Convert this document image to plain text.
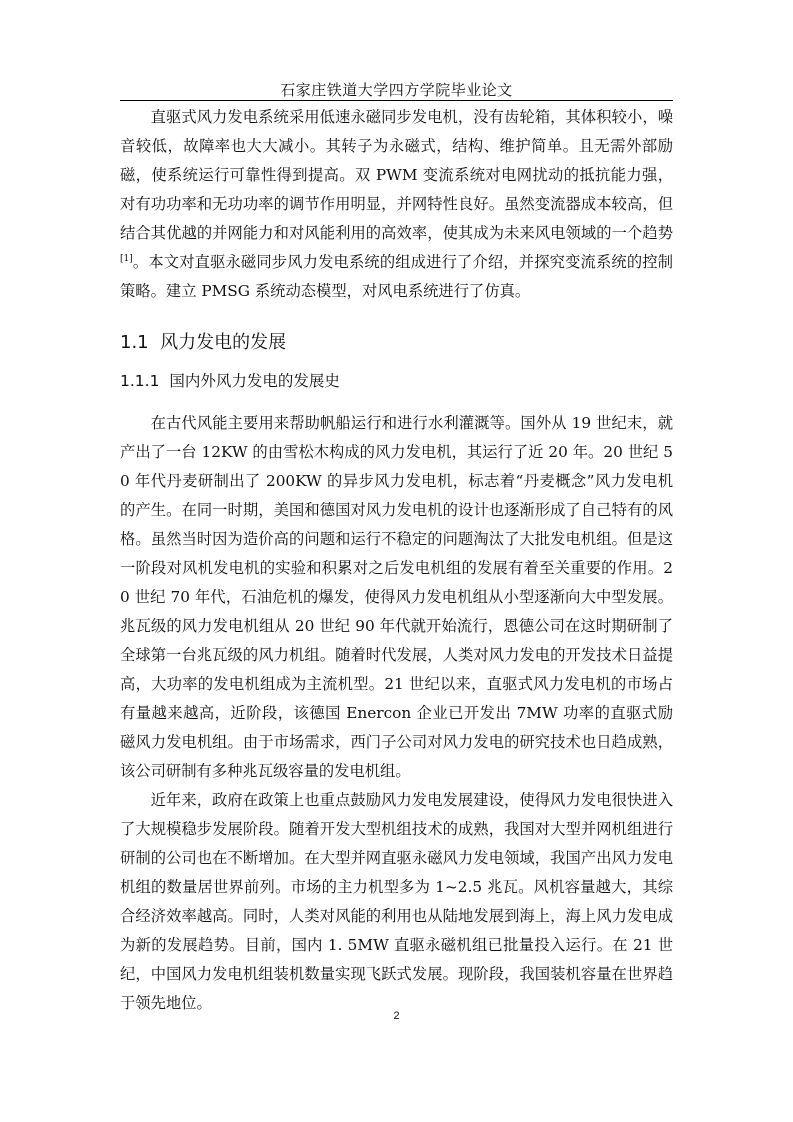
石家庄铁道大学四方学院毕业论文

直驱式风力发电系统采用低速永磁同步发电机，没有齿轮箱，其体积较小，噪音较低，故障率也大大减小。其转子为永磁式，结构、维护简单。且无需外部励磁，使系统运行可靠性得到提高。双 PWM 变流系统对电网扰动的抵抗能力强，对有功功率和无功功率的调节作用明显，并网特性良好。虽然变流器成本较高，但结合其优越的并网能力和对风能利用的高效率，使其成为未来风电领域的一个趋势[1]。本文对直驱永磁同步风力发电系统的组成进行了介绍，并探究变流系统的控制策略。建立 PMSG 系统动态模型，对风电系统进行了仿真。

1.1 风力发电的发展
1.1.1 国内外风力发电的发展史

在古代风能主要用来帮助帆船运行和进行水利灌溉等。国外从 19 世纪末，就产出了一台 12KW 的由雪松木构成的风力发电机，其运行了近 20 年。20 世纪 50 年代丹麦研制出了 200KW 的异步风力发电机，标志着“丹麦概念”风力发电机的产生。在同一时期，美国和德国对风力发电机的设计也逐渐形成了自己特有的风格。虽然当时因为造价高的问题和运行不稳定的问题淘汰了大批发电机组。但是这一阶段对风机发电机的实验和积累对之后发电机组的发展有着至关重要的作用。20 世纪 70 年代，石油危机的爆发，使得风力发电机组从小型逐渐向大中型发展。兆瓦级的风力发电机组从 20 世纪 90 年代就开始流行，恩德公司在这时期研制了全球第一台兆瓦级的风力机组。随着时代发展，人类对风力发电的开发技术日益提高，大功率的发电机组成为主流机型。21 世纪以来，直驱式风力发电机的市场占有量越来越高，近阶段，该德国 Enercon 企业已开发出 7MW 功率的直驱式励磁风力发电机组。由于市场需求，西门子公司对风力发电的研究技术也日趋成熟，该公司研制有多种兆瓦级容量的发电机组。

近年来，政府在政策上也重点鼓励风力发电发展建设，使得风力发电很快进入了大规模稳步发展阶段。随着开发大型机组技术的成熟，我国对大型并网机组进行研制的公司也在不断增加。在大型并网直驱永磁风力发电领域，我国产出风力发电机组的数量居世界前列。市场的主力机型多为 1~2.5 兆瓦。风机容量越大，其综合经济效率越高。同时，人类对风能的利用也从陆地发展到海上，海上风力发电成为新的发展趋势。目前，国内 1. 5MW 直驱永磁机组已批量投入运行。在 21 世纪，中国风力发电机组装机数量实现飞跃式发展。现阶段，我国装机容量在世界趋于领先地位。

2
